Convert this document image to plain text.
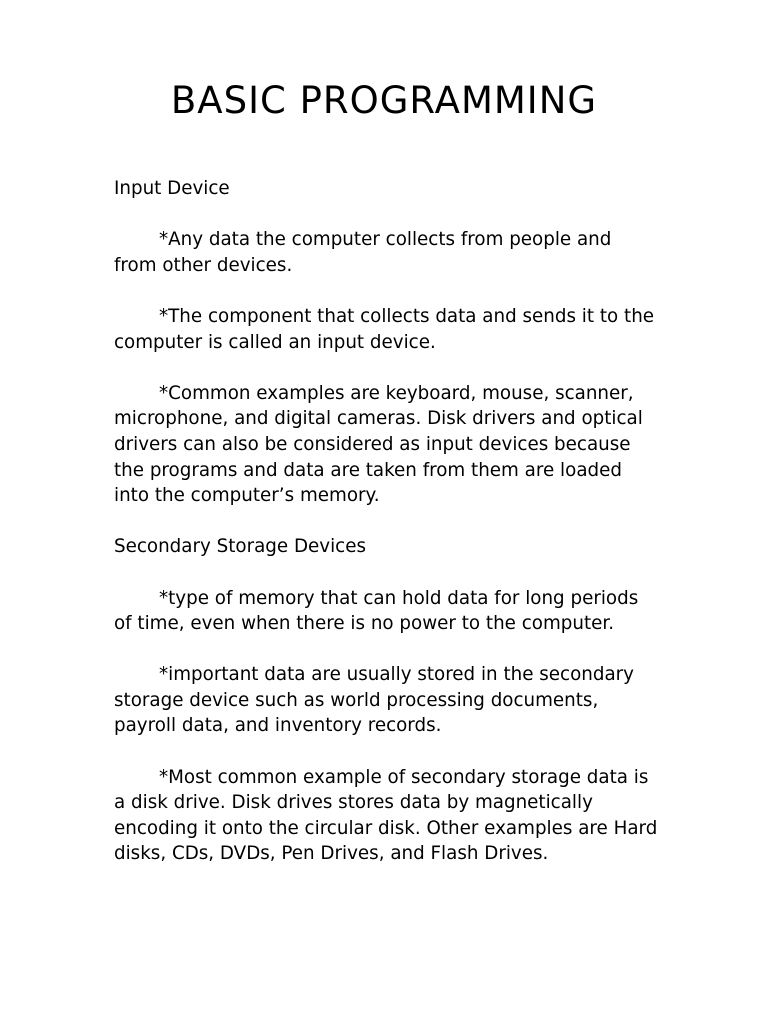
BASIC PROGRAMMING

Input Device

*Any data the computer collects from people and from other devices.

*The component that collects data and sends it to the computer is called an input device.

*Common examples are keyboard, mouse, scanner, microphone, and digital cameras. Disk drivers and optical drivers can also be considered as input devices because the programs and data are taken from them are loaded into the computer’s memory.

Secondary Storage Devices

*type of memory that can hold data for long periods of time, even when there is no power to the computer.

*important data are usually stored in the secondary storage device such as world processing documents, payroll data, and inventory records.

*Most common example of secondary storage data is a disk drive. Disk drives stores data by magnetically encoding it onto the circular disk. Other examples are Hard disks, CDs, DVDs, Pen Drives, and Flash Drives.
